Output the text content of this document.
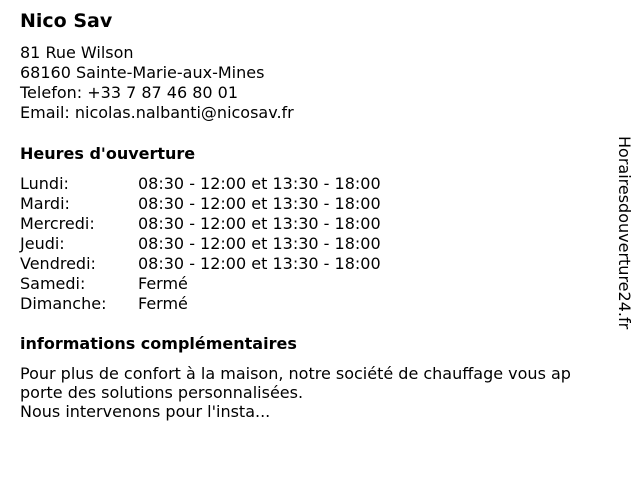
Nico Sav
81 Rue Wilson
68160 Sainte-Marie-aux-Mines
Telefon: +33 7 87 46 80 01
Email: nicolas.nalbanti@nicosav.fr
Heures d'ouverture
Lundi:	08:30 - 12:00 et 13:30 - 18:00
Mardi:	08:30 - 12:00 et 13:30 - 18:00
Mercredi:	08:30 - 12:00 et 13:30 - 18:00
Jeudi:	08:30 - 12:00 et 13:30 - 18:00
Vendredi:	08:30 - 12:00 et 13:30 - 18:00
Samedi:	Fermé
Dimanche: Fermé
informations complémentaires
Pour plus de confort à la maison, notre société de chauffage vous ap
porte des solutions personnalisées.
Nous intervenons pour l'insta...
Horairesdouverture24.fr
